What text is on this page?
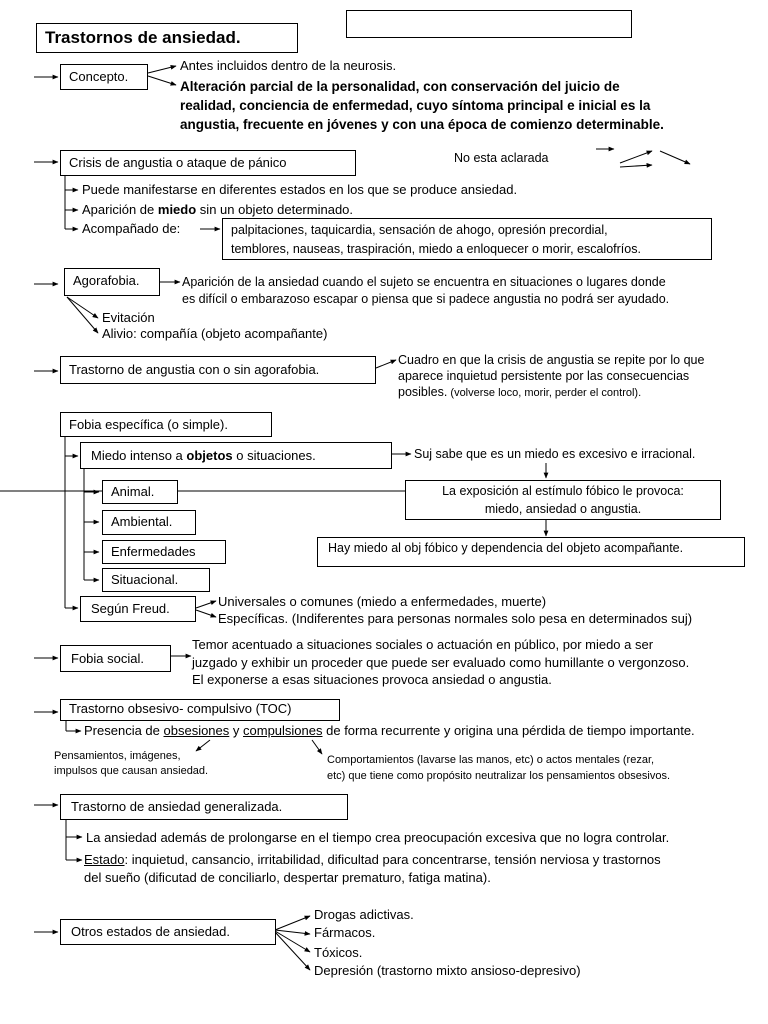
Trastornos de ansiedad.
Concepto.
Antes incluidos dentro de la neurosis.
Alteración parcial de la personalidad, con conservación del juicio de
realidad, conciencia de enfermedad, cuyo síntoma principal e inicial es la
angustia, frecuente en jóvenes y con una época de comienzo determinable.
Crisis de angustia o ataque de pánico	No esta aclarada
Puede manifestarse en diferentes estados en los que se produce ansiedad.
Aparición de miedo sin un objeto determinado.
Acompañado de:	palpitaciones, taquicardia, sensación de ahogo, opresión precordial,
temblores, nauseas, traspiración, miedo a enloquecer o morir, escalofríos.
Agorafobia.	Aparición de la ansiedad cuando el sujeto se encuentra en situaciones o lugares donde
es difícil o embarazoso escapar o piensa que si padece angustia no podrá ser ayudado.
Evitación
Alivio: compañía (objeto acompañante)
Trastorno de angustia con o sin agorafobia.
Cuadro en que la crisis de angustia se repite por lo que
aparece inquietud persistente por las consecuencias
posibles. (volverse loco, morir, perder el control).
Fobia específica (o simple).
Miedo intenso a objetos o situaciones.	Suj sabe que es un miedo es excesivo e irracional.
La exposición al estímulo fóbico le provoca:
miedo, ansiedad o angustia.
Hay miedo al obj fóbico y dependencia del objeto acompañante.
Animal.
Ambiental.
Enfermedades
Situacional.
Según Freud.	Universales o comunes (miedo a enfermedades, muerte)
Específicas. (Indiferentes para personas normales solo pesa en determinados suj)
Fobia social.
Temor acentuado a situaciones sociales o actuación en público, por miedo a ser
juzgado y exhibir un proceder que puede ser evaluado como humillante o vergonzoso.
El exponerse a esas situaciones provoca ansiedad o angustia.
Trastorno obsesivo- compulsivo (TOC)
Presencia de obsesiones y compulsiones de forma recurrente y origina una pérdida de tiempo importante.
Pensamientos, imágenes,
impulsos que causan ansiedad.
Comportamientos (lavarse las manos, etc) o actos mentales (rezar,
etc) que tiene como propósito neutralizar los pensamientos obsesivos.
Trastorno de ansiedad generalizada.
La ansiedad además de prolongarse en el tiempo crea preocupación excesiva que no logra controlar.
Estado: inquietud, cansancio, irritabilidad, dificultad para concentrarse, tensión nerviosa y trastornos
del sueño (dificutad de conciliarlo, despertar prematuro, fatiga matina).
Otros estados de ansiedad.
Drogas adictivas.
Fármacos.
Tóxicos.
Depresión (trastorno mixto ansioso-depresivo)
